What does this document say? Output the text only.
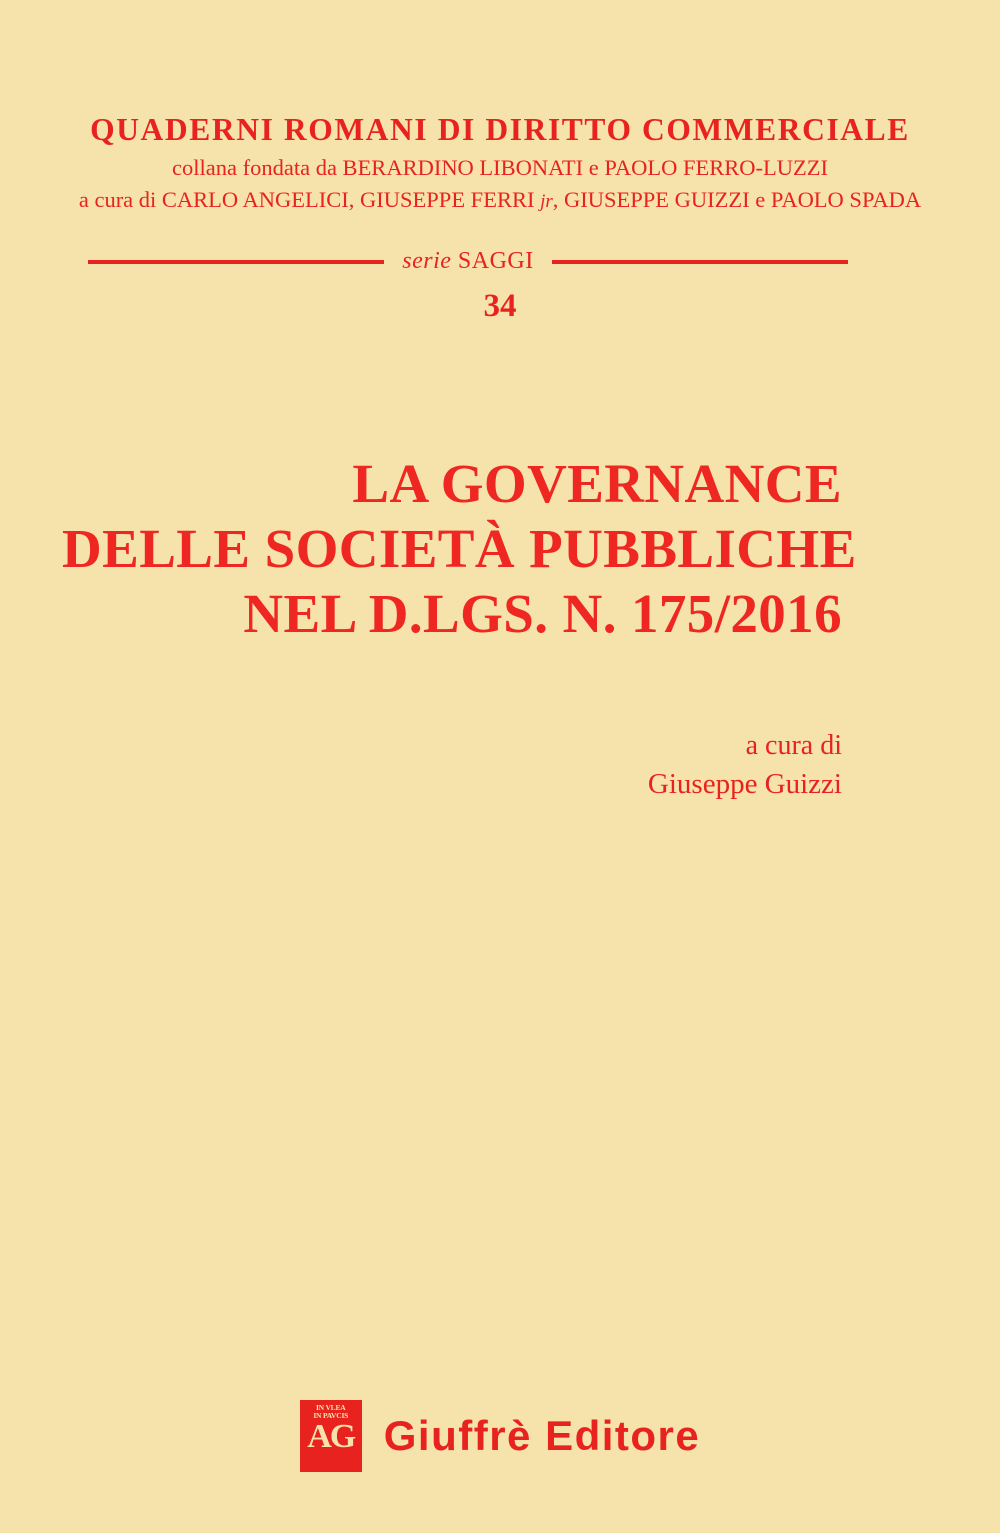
QUADERNI ROMANI DI DIRITTO COMMERCIALE
collana fondata da BERARDINO LIBONATI e PAOLO FERRO-LUZZI
a cura di CARLO ANGELICI, GIUSEPPE FERRI jr, GIUSEPPE GUIZZI e PAOLO SPADA
serie SAGGI
34
LA GOVERNANCE
DELLE SOCIETÀ PUBBLICHE
NEL D.LGS. N. 175/2016
a cura di
Giuseppe Guizzi
IN VLEA
IN PAVCIS
AG Giuffrè Editore
